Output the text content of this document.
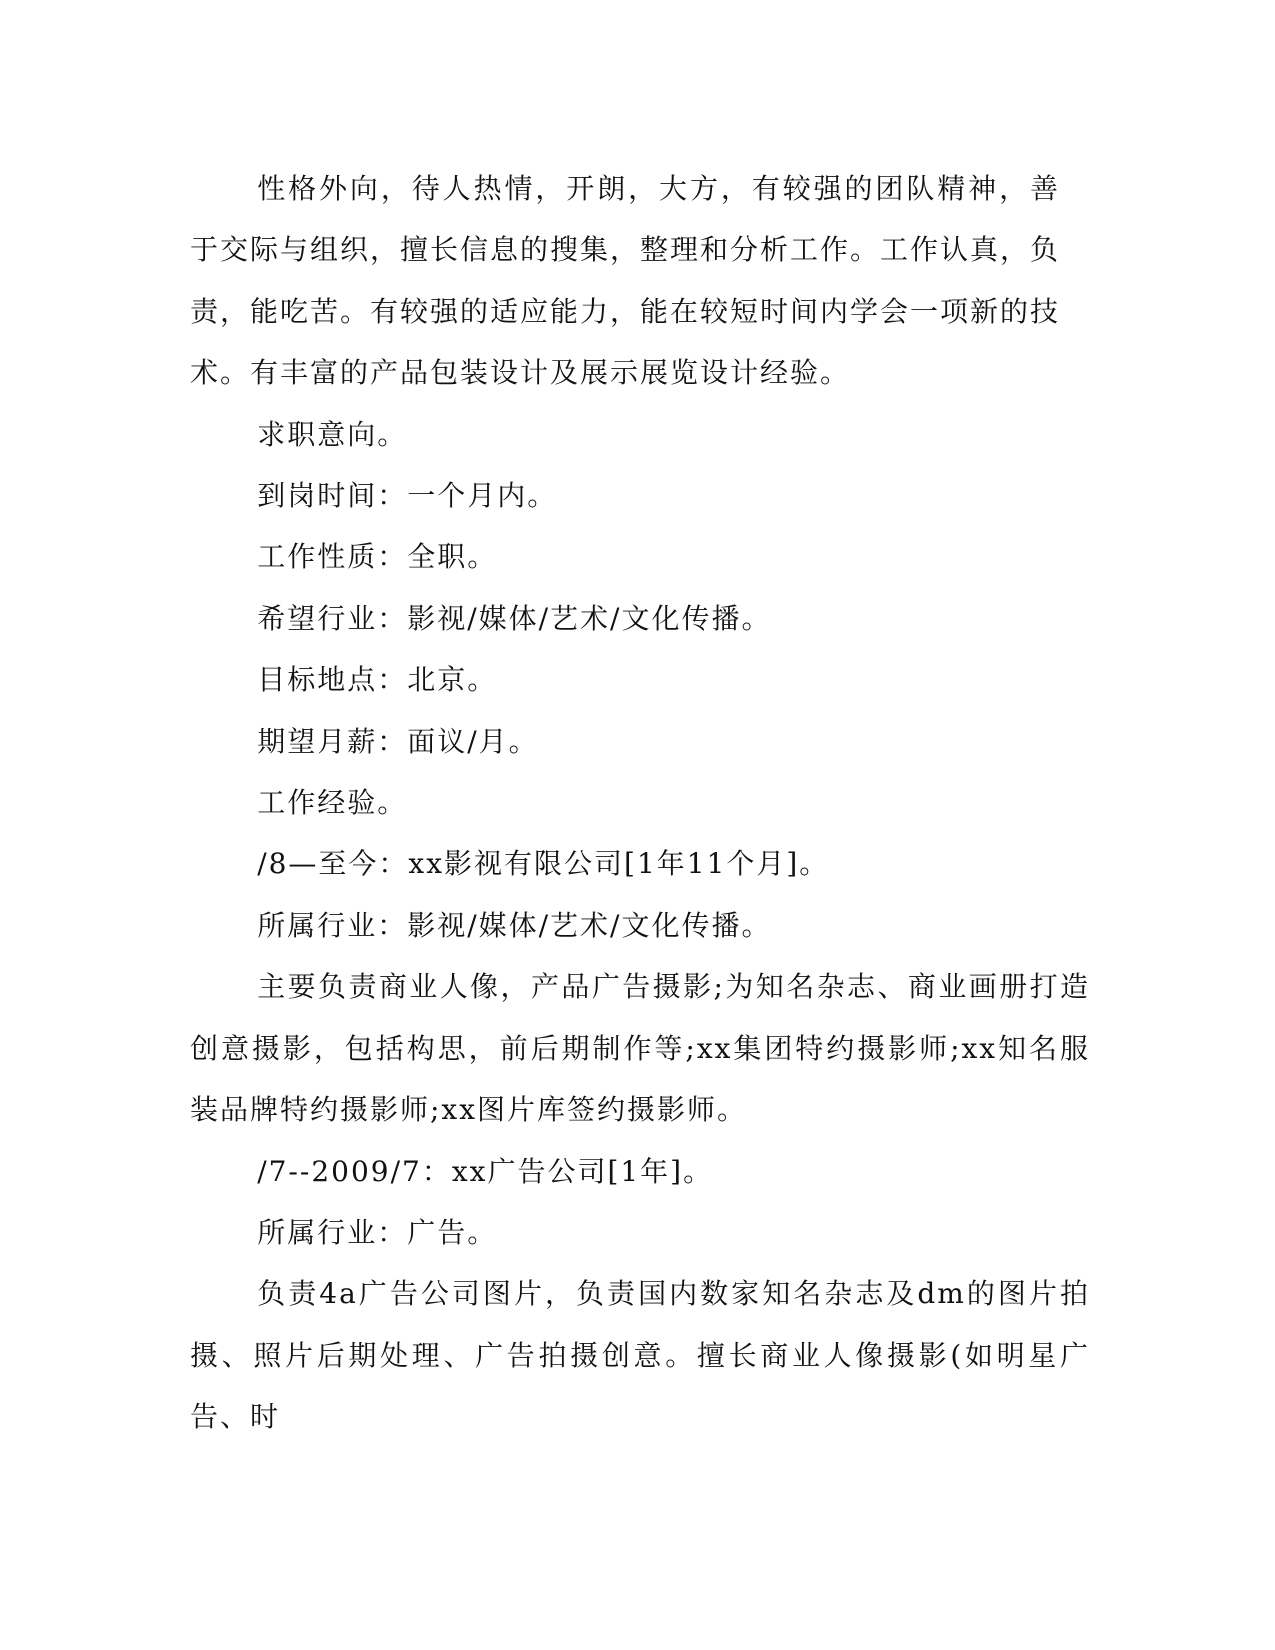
性格外向，待人热情，开朗，大方，有较强的团队精神，善于交际与组织，擅长信息的搜集，整理和分析工作。工作认真，负责，能吃苦。有较强的适应能力，能在较短时间内学会一项新的技术。有丰富的产品包装设计及展示展览设计经验。

求职意向。

到岗时间：一个月内。

工作性质：全职。

希望行业：影视/媒体/艺术/文化传播。

目标地点：北京。

期望月薪：面议/月。

工作经验。

/8—至今：xx影视有限公司[1年11个月]。

所属行业：影视/媒体/艺术/文化传播。

主要负责商业人像，产品广告摄影;为知名杂志、商业画册打造创意摄影，包括构思，前后期制作等;xx集团特约摄影师;xx知名服装品牌特约摄影师;xx图片库签约摄影师。

/7--2009/7：xx广告公司[1年]。

所属行业：广告。

负责4a广告公司图片，负责国内数家知名杂志及dm的图片拍摄、照片后期处理、广告拍摄创意。擅长商业人像摄影(如明星广告、时
